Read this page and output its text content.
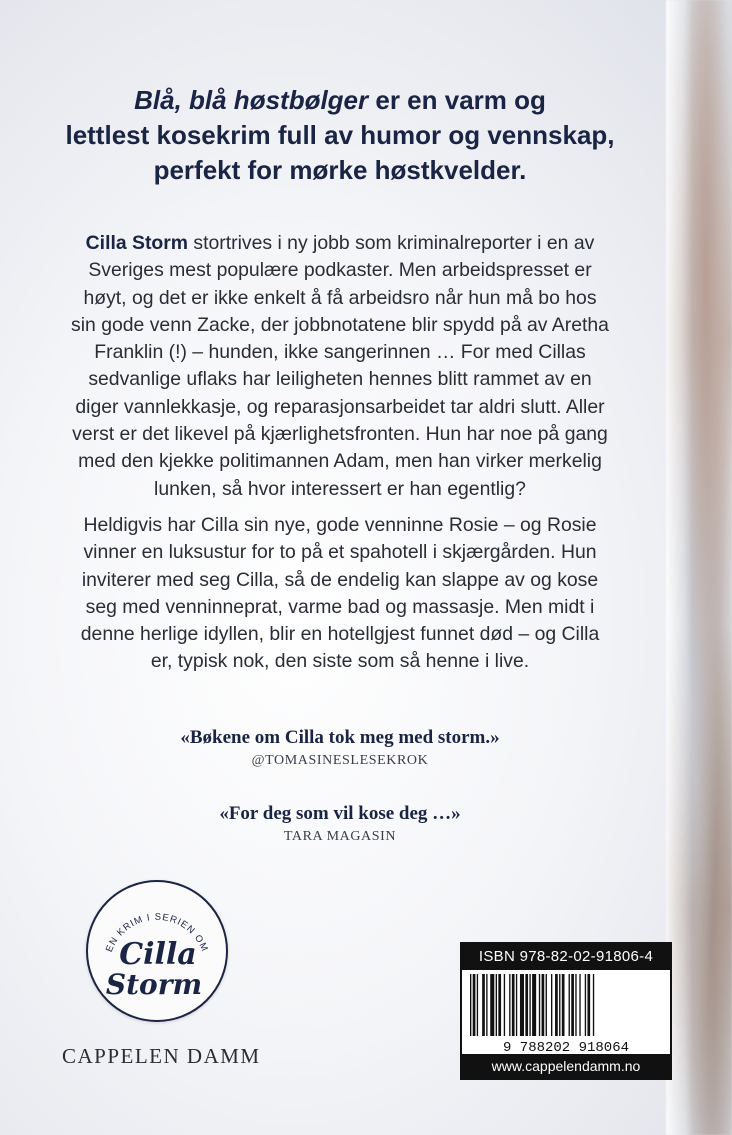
Blå, blå høstbølger er en varm og
lettlest kosekrim full av humor og vennskap,
perfekt for mørke høstkvelder.
Cilla Storm stortrives i ny jobb som kriminalreporter i en av Sveriges mest populære podkaster. Men arbeidspresset er høyt, og det er ikke enkelt å få arbeidsro når hun må bo hos sin gode venn Zacke, der jobbnotatene blir spydd på av Aretha Franklin (!) – hunden, ikke sangerinnen … For med Cillas sedvanlige uflaks har leiligheten hennes blitt rammet av en diger vannlekkasje, og reparasjonsarbeidet tar aldri slutt. Aller verst er det likevel på kjærlighetsfronten. Hun har noe på gang med den kjekke politimannen Adam, men han virker merkelig lunken, så hvor interessert er han egentlig?
Heldigvis har Cilla sin nye, gode venninne Rosie – og Rosie vinner en luksustur for to på et spahotell i skjærgården. Hun inviterer med seg Cilla, så de endelig kan slappe av og kose seg med venninneprat, varme bad og massasje. Men midt i denne herlige idyllen, blir en hotellgjest funnet død – og Cilla er, typisk nok, den siste som så henne i live.
«Bøkene om Cilla tok meg med storm.»
@TOMASINESLESEKROK
«For deg som vil kose deg …»
TARA MAGASIN
EN KRIM I SERIEN OM
Cilla
Storm
CAPPELEN DAMM
ISBN 978-82-02-91806-4
9 788202 918064
www.cappelendamm.no
